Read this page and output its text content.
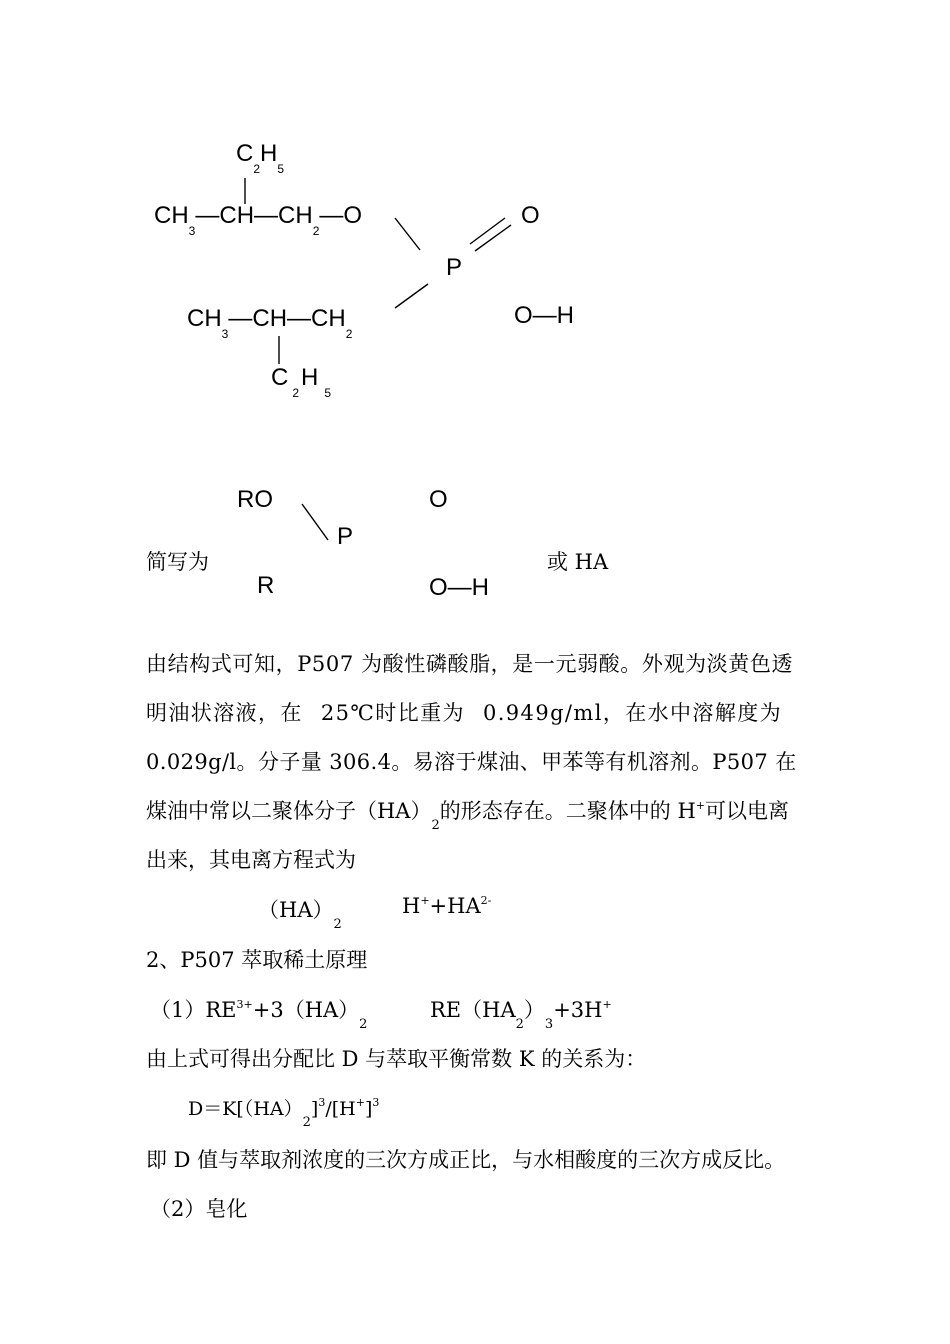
$C_2H_5$
$CH_3—CH—CH_2—O$	O
P
O—H
$CH_3—CH—CH_2$
$C_2H_5$
RO	O
P
简写为	或 HA
R	O—H
由结构式可知，P507 为酸性磷酸脂，是一元弱酸。外观为淡黄色透
明油状溶液，在 25℃时比重为 0.949g/ml，在水中溶解度为
0.029g/l。分子量 306.4。易溶于煤油、甲苯等有机溶剂。P507 在
煤油中常以二聚体分子$(HA)_2$的形态存在。二聚体中的 H+可以电离
出来，其电离方程式为
$(HA)_2$
$H^++HA^{2-}$
2、P507 萃取稀土原理
$(1)RE^{3+}+3(HA)_2$
$RE(HA_2)_3+3H^+$
由上式可得出分配比 D 与萃取平衡常数 K 的关系为：
$D=K[(HA)_2]^3/[H^+]^3$
即 D 值与萃取剂浓度的三次方成正比，与水相酸度的三次方成反比。
（2）皂化
